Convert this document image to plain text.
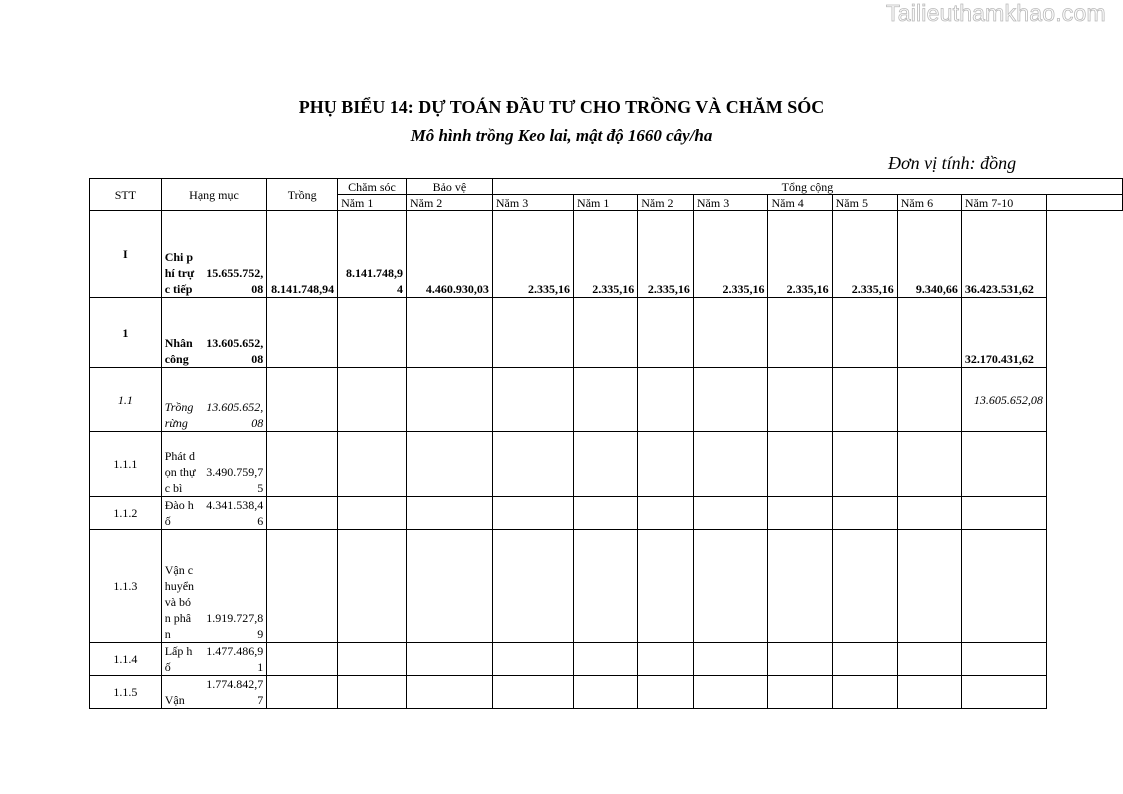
Tailieuthamkhao.com
PHỤ BIỂU 14: DỰ TOÁN ĐẦU TƯ CHO TRỒNG VÀ CHĂM SÓC
Mô hình trồng Keo lai, mật độ 1660 cây/ha
Đơn vị tính: đồng
STT	Hạng mục		Trồng	Chăm sóc	Bảo vệ	Tổng cộng								
				Năm 1	Năm 2	Năm 3	Năm 1	Năm 2	Năm 3	Năm 4	Năm 5	Năm 6	Năm 7-10	
I	Chi phí trực tiếp	15.655.752,08	8.141.748,94	8.141.748,94	4.460.930,03	2.335,16	2.335,16	2.335,16	2.335,16	2.335,16	2.335,16	9.340,66	36.423.531,62	
1	Nhân công	13.605.652,08											32.170.431,62	
1.1	Trồng rừng	13.605.652,08											13.605.652,08	
1.1.1	Phát dọn thực bì	3.490.759,75												
1.1.2	Đào hố	4.341.538,46												
1.1.3	Vận chuyển và bón phân	1.919.727,89												
1.1.4	Lấp hố	1.477.486,91												
1.1.5	Vận	1.774.842,77												
